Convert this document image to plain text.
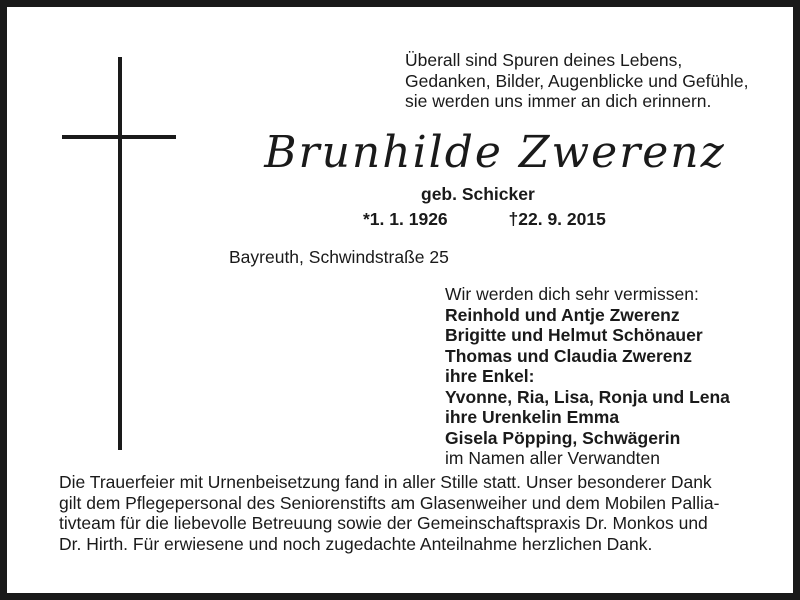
Überall sind Spuren deines Lebens,
Gedanken, Bilder, Augenblicke und Gefühle,
sie werden uns immer an dich erinnern.
Brunhilde Zwerenz
geb. Schicker
*1. 1. 1926	†22. 9. 2015
Bayreuth, Schwindstraße 25
Wir werden dich sehr vermissen:
Reinhold und Antje Zwerenz
Brigitte und Helmut Schönauer
Thomas und Claudia Zwerenz
ihre Enkel:
Yvonne, Ria, Lisa, Ronja und Lena
ihre Urenkelin Emma
Gisela Pöpping, Schwägerin
im Namen aller Verwandten
Die Trauerfeier mit Urnenbeisetzung fand in aller Stille statt. Unser besonderer Dank
gilt dem Pflegepersonal des Seniorenstifts am Glasenweiher und dem Mobilen Pallia-
tivteam für die liebevolle Betreuung sowie der Gemeinschaftspraxis Dr. Monkos und
Dr. Hirth. Für erwiesene und noch zugedachte Anteilnahme herzlichen Dank.
